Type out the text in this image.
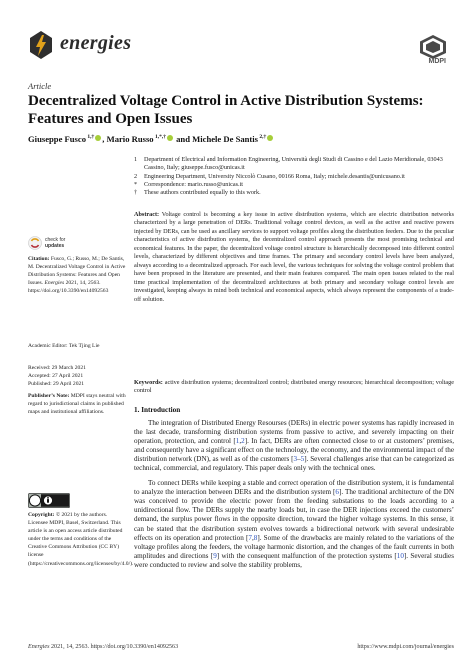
energies
MDPI
Article
Decentralized Voltage Control in Active Distribution Systems: Features and Open Issues
Giuseppe Fusco $^{1,\dagger}$ , Mario Russo $^{1,*,\dagger}$ and Michele De Santis $^{2,\dagger}$
1	Department of Electrical and Information Engineering, Università degli Studi di Cassino e del Lazio Meridionale, 03043 Cassino, Italy; giuseppe.fusco@unicas.it
2	Engineering Department, University Niccolò Cusano, 00166 Roma, Italy; michele.desantis@unicusano.it
*	Correspondence: mario.russo@unicas.it
†	These authors contributed equally to this work.
Abstract: Voltage control is becoming a key issue in active distribution systems, which are electric distribution networks characterized by a large penetration of DERs. Traditional voltage control devices, as well as the active and reactive powers injected by DERs, can be used as ancillary services to support voltage profiles along the distribution feeders. Due to the peculiar characteristics of active distribution systems, the decentralized control approach presents the most promising technical and economical features. In the paper, the decentralized voltage control structure is hierarchically decomposed into different control levels, characterized by different objectives and time frames. The primary and secondary control levels have been analyzed, always according to a decentralized approach. For each level, the various techniques for solving the voltage control problem that have been proposed in the literature are presented, and their main features compared. The main open issues related to the real time practical implementation of the decentralized architectures at both primary and secondary voltage control levels are investigated, keeping always in mind both technical and economical aspects, which always represent the components of a trade-off solution.
Keywords: active distribution systems; decentralized control; distributed energy resources; hierarchical decomposition; voltage control
check for
updates
Citation: Fusco, G.; Russo, M.; De Santis, M. Decentralized Voltage Control in Active Distribution Systems: Features and Open Issues. Energies 2021, 14, 2563. https://doi.org/10.3390/en14092563
Academic Editor: Tek Tjing Lie
Received: 29 March 2021
Accepted: 27 April 2021
Published: 29 April 2021
Publisher’s Note: MDPI stays neutral with regard to jurisdictional claims in published maps and institutional affiliations.
Copyright: © 2021 by the authors. Licensee MDPI, Basel, Switzerland. This article is an open access article distributed under the terms and conditions of the Creative Commons Attribution (CC BY) license (https://creativecommons.org/licenses/by/4.0/).
1. Introduction

The integration of Distributed Energy Resourses (DERs) in electric power systems has rapidly increased in the last decade, transforming distribution systems from passive to active, and severely impacting on their operation, protection, and control [1,2]. In fact, DERs are often connected close to or at customers’ premises, and consequently have a significant effect on the technology, the economy, and the environmental impact of the distribution network (DN), as well as of the customers [3–5]. Several challenges arise that can be categorized as technical, commercial, and regulatory. This paper deals only with the technical ones.

To connect DERs while keeping a stable and correct operation of the distribution system, it is fundamental to analyze the interaction between DERs and the distribution system [6]. The traditional architecture of the DN was conceived to provide the electric power from the feeding substations to the loads according to a unidirectional flow. The DERs supply the nearby loads but, in case the DER injections exceed the customers’ demand, the surplus power flows in the opposite direction, toward the higher voltage systems. In this sense, it can be stated that the distribution system evolves towards a bidirectional network with several undesirable effects on its operation and protection [7,8]. Some of the drawbacks are mainly related to the variations of the voltage profiles along the feeders, the voltage harmonic distortion, and the changes of the fault currents in both amplitudes and directions [9] with the consequent malfunction of the protection systems [10]. Several studies were conducted to review and solve the stability problems,

Energies 2021, 14, 2563. https://doi.org/10.3390/en14092563	https://www.mdpi.com/journal/energies
